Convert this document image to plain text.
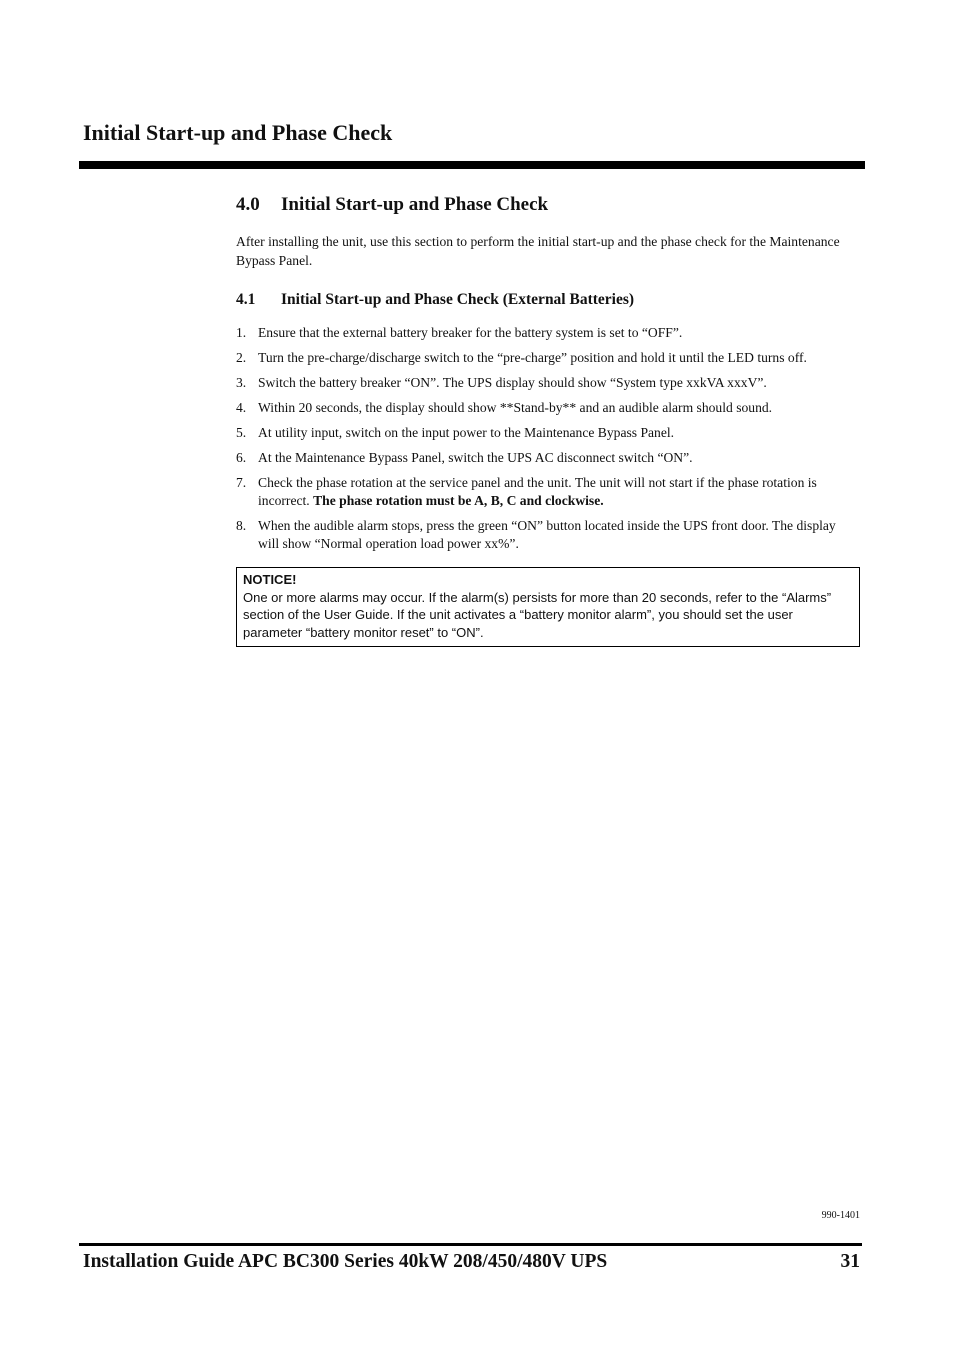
Initial Start-up and Phase Check
4.0	Initial Start-up and Phase Check

After installing the unit, use this section to perform the initial start-up and the phase check for the Maintenance Bypass Panel.

4.1	Initial Start-up and Phase Check (External Batteries)
1. Ensure that the external battery breaker for the battery system is set to “OFF”.
2. Turn the pre-charge/discharge switch to the “pre-charge” position and hold it until the LED turns off.
3. Switch the battery breaker “ON”. The UPS display should show “System type xxkVA xxxV”.
4. Within 20 seconds, the display should show **Stand-by** and an audible alarm should sound.
5. At utility input, switch on the input power to the Maintenance Bypass Panel.
6. At the Maintenance Bypass Panel, switch the UPS AC disconnect switch “ON”.
7. Check the phase rotation at the service panel and the unit. The unit will not start if the phase rotation is incorrect. The phase rotation must be A, B, C and clockwise.
8. When the audible alarm stops, press the green “ON” button located inside the UPS front door. The display will show “Normal operation load power xx%”.
NOTICE!
One or more alarms may occur. If the alarm(s) persists for more than 20 seconds, refer to the “Alarms” section of the User Guide. If the unit activates a “battery monitor alarm”, you should set the user parameter “battery monitor reset” to “ON”.
990-1401
Installation Guide APC BC300 Series 40kW 208/450/480V UPS	31
